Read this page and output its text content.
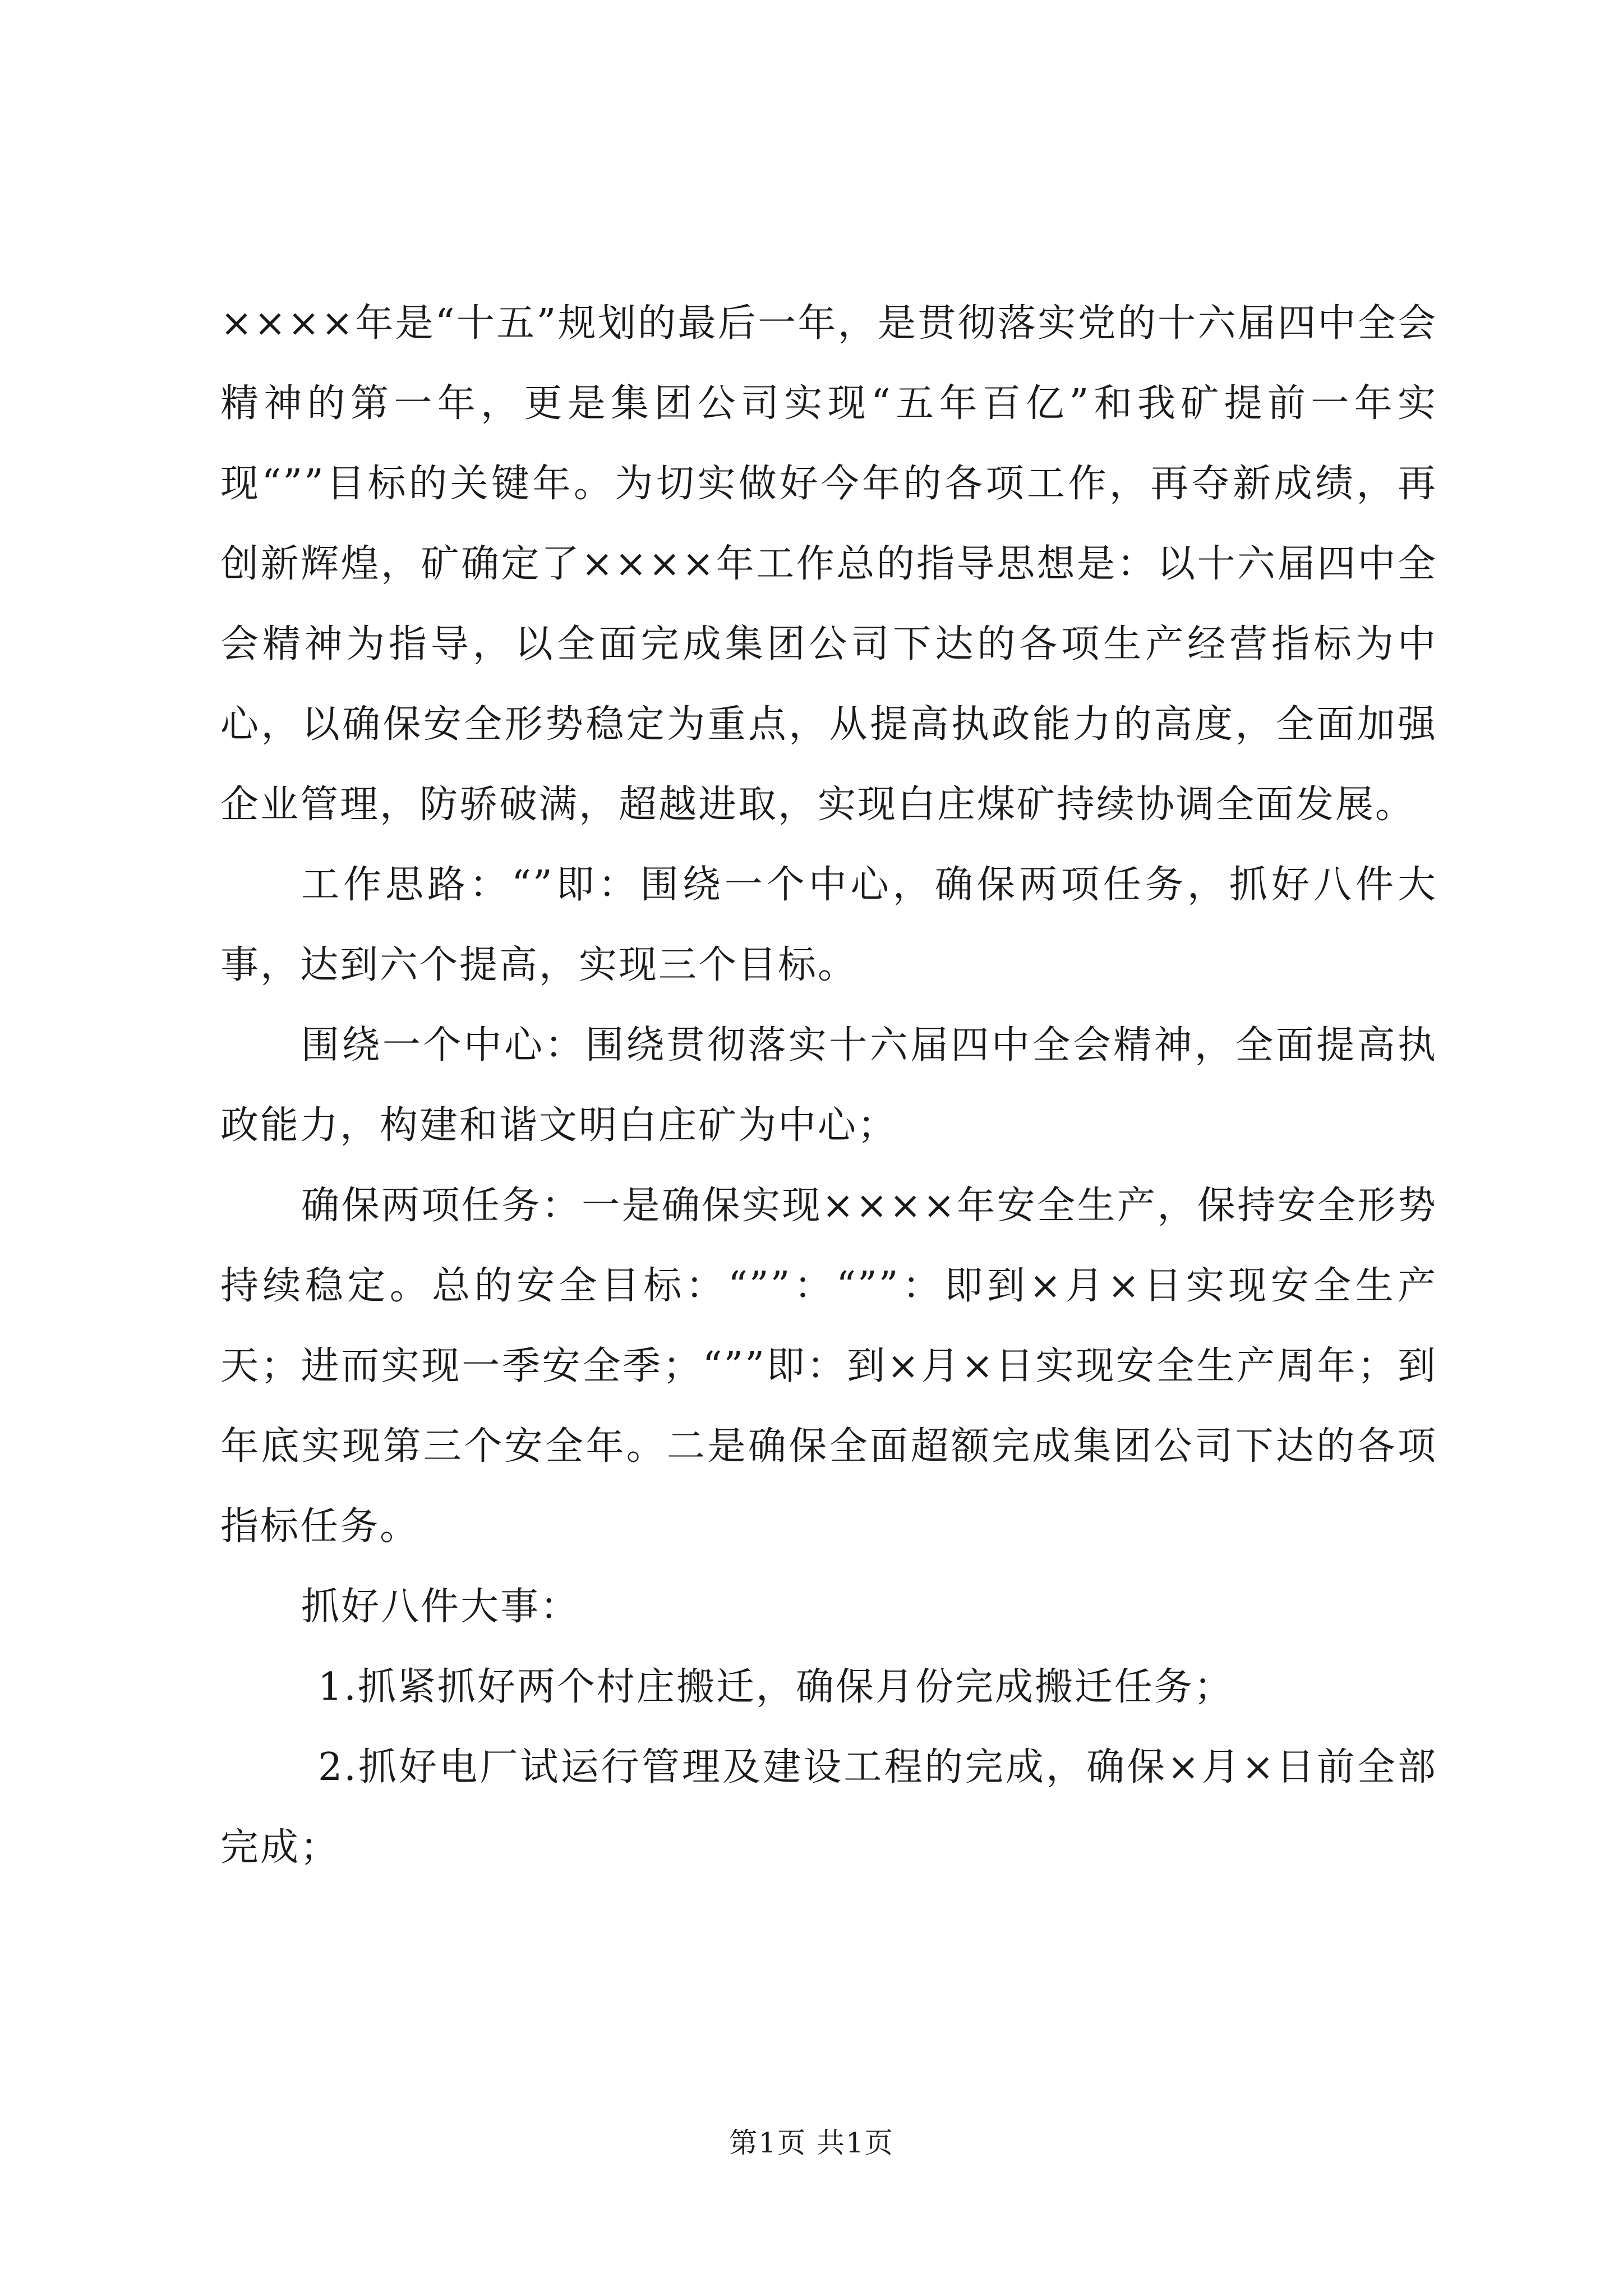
××××年是“十五”规划的最后一年，是贯彻落实党的十六届四中全会精神的第一年，更是集团公司实现“五年百亿”和我矿提前一年实现“””目标的关键年。为切实做好今年的各项工作，再夺新成绩，再创新辉煌，矿确定了××××年工作总的指导思想是：以十六届四中全会精神为指导，以全面完成集团公司下达的各项生产经营指标为中心，以确保安全形势稳定为重点，从提高执政能力的高度，全面加强企业管理，防骄破满，超越进取，实现白庄煤矿持续协调全面发展。

工作思路：“”即：围绕一个中心，确保两项任务，抓好八件大事，达到六个提高，实现三个目标。

围绕一个中心：围绕贯彻落实十六届四中全会精神，全面提高执政能力，构建和谐文明白庄矿为中心；

确保两项任务：一是确保实现××××年安全生产，保持安全形势持续稳定。总的安全目标：“””：“””：即到×月×日实现安全生产天；进而实现一季安全季；“””即：到×月×日实现安全生产周年；到年底实现第三个安全年。二是确保全面超额完成集团公司下达的各项指标任务。

抓好八件大事：

1.抓紧抓好两个村庄搬迁，确保月份完成搬迁任务；

2.抓好电厂试运行管理及建设工程的完成，确保×月×日前全部完成；

第1页 共1页
